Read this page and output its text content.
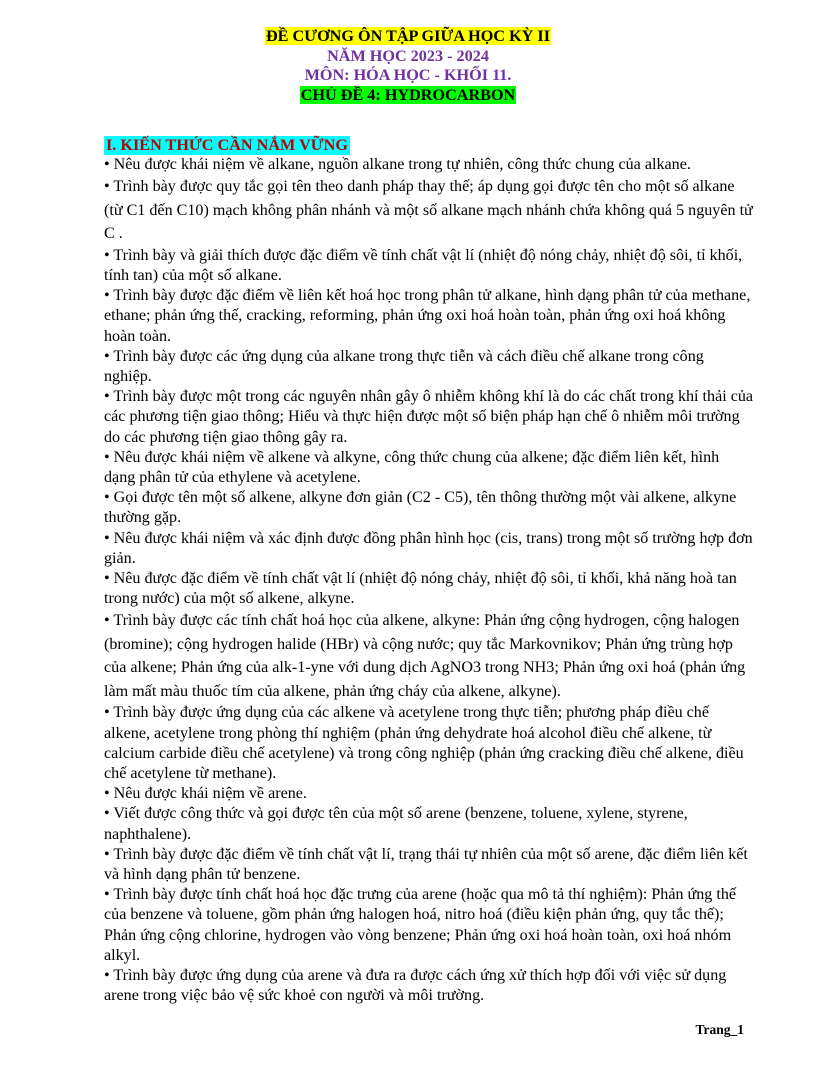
ĐỀ CƯƠNG ÔN TẬP GIỮA HỌC KỲ II
NĂM HỌC 2023 - 2024
MÔN: HÓA HỌC - KHỐI 11.
CHỦ ĐỀ 4: HYDROCARBON
I. KIẾN THỨC CẦN NẮM VỮNG

• Nêu được khái niệm về alkane, nguồn alkane trong tự nhiên, công thức chung của alkane.

• Trình bày được quy tắc gọi tên theo danh pháp thay thế; áp dụng gọi được tên cho một số alkane (từ C1 đến C10) mạch không phân nhánh và một số alkane mạch nhánh chứa không quá 5 nguyên tử C .

• Trình bày và giải thích được đặc điểm về tính chất vật lí (nhiệt độ nóng chảy, nhiệt độ sôi, tỉ khối, tính tan) của một số alkane.

• Trình bày được đặc điểm về liên kết hoá học trong phân tử alkane, hình dạng phân tử của methane, ethane; phản ứng thế, cracking, reforming, phản ứng oxi hoá hoàn toàn, phản ứng oxi hoá không hoàn toàn.

• Trình bày được các ứng dụng của alkane trong thực tiễn và cách điều chế alkane trong công nghiệp.

• Trình bày được một trong các nguyên nhân gây ô nhiễm không khí là do các chất trong khí thải của các phương tiện giao thông; Hiểu và thực hiện được một số biện pháp hạn chế ô nhiễm môi trường do các phương tiện giao thông gây ra.

• Nêu được khái niệm về alkene và alkyne, công thức chung của alkene; đặc điểm liên kết, hình dạng phân tử của ethylene và acetylene.

• Gọi được tên một số alkene, alkyne đơn giản (C2 - C5), tên thông thường một vài alkene, alkyne thường gặp.

• Nêu được khái niệm và xác định được đồng phân hình học (cis, trans) trong một số trường hợp đơn giản.

• Nêu được đặc điểm về tính chất vật lí (nhiệt độ nóng chảy, nhiệt độ sôi, tỉ khối, khả năng hoà tan trong nước) của một số alkene, alkyne.

• Trình bày được các tính chất hoá học của alkene, alkyne: Phản ứng cộng hydrogen, cộng halogen (bromine); cộng hydrogen halide (HBr) và cộng nước; quy tắc Markovnikov; Phản ứng trùng hợp của alkene; Phản ứng của alk-1-yne với dung dịch AgNO3 trong NH3; Phản ứng oxi hoá (phản ứng làm mất màu thuốc tím của alkene, phản ứng cháy của alkene, alkyne).

• Trình bày được ứng dụng của các alkene và acetylene trong thực tiễn; phương pháp điều chế alkene, acetylene trong phòng thí nghiệm (phản ứng dehydrate hoá alcohol điều chế alkene, từ calcium carbide điều chế acetylene) và trong công nghiệp (phản ứng cracking điều chế alkene, điều chế acetylene từ methane).

• Nêu được khái niệm về arene.

• Viết được công thức và gọi được tên của một số arene (benzene, toluene, xylene, styrene, naphthalene).

• Trình bày được đặc điểm về tính chất vật lí, trạng thái tự nhiên của một số arene, đặc điểm liên kết và hình dạng phân tử benzene.

• Trình bày được tính chất hoá học đặc trưng của arene (hoặc qua mô tả thí nghiệm): Phản ứng thế của benzene và toluene, gồm phản ứng halogen hoá, nitro hoá (điều kiện phản ứng, quy tắc thế); Phản ứng cộng chlorine, hydrogen vào vòng benzene; Phản ứng oxi hoá hoàn toàn, oxi hoá nhóm alkyl.

• Trình bày được ứng dụng của arene và đưa ra được cách ứng xử thích hợp đối với việc sử dụng arene trong việc bảo vệ sức khoẻ con người và môi trường.

Trang_1
